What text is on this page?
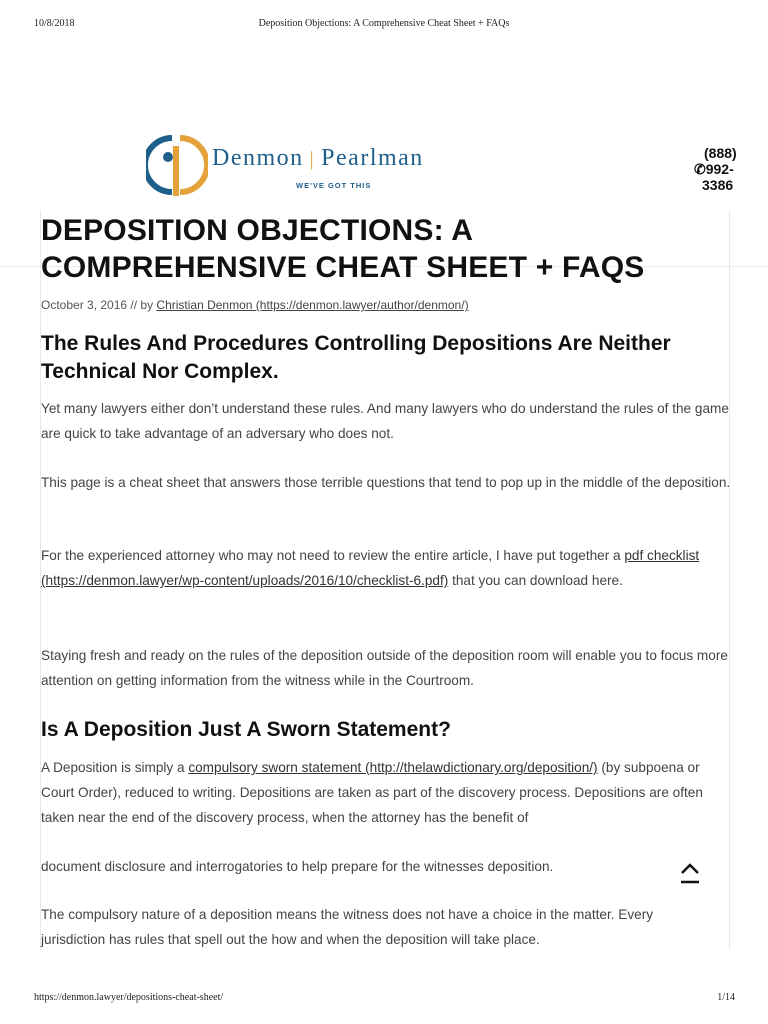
10/8/2018	Deposition Objections: A Comprehensive Cheat Sheet + FAQs
Denmon | Pearlman
WE'VE GOT THIS
(888)
✆992-
3386
DEPOSITION OBJECTIONS: A COMPREHENSIVE CHEAT SHEET + FAQS
October 3, 2016 // by Christian Denmon (https://denmon.lawyer/author/denmon/)
The Rules And Procedures Controlling Depositions Are Neither Technical Nor Complex.

Yet many lawyers either don’t understand these rules. And many lawyers who do understand the rules of the game are quick to take advantage of an adversary who does not.

This page is a cheat sheet that answers those terrible questions that tend to pop up in the middle of the deposition.

For the experienced attorney who may not need to review the entire article, I have put together a pdf checklist (https://denmon.lawyer/wp-content/uploads/2016/10/checklist-6.pdf) that you can download here.

Staying fresh and ready on the rules of the deposition outside of the deposition room will enable you to focus more attention on getting information from the witness while in the Courtroom.

Is A Deposition Just A Sworn Statement?

A Deposition is simply a compulsory sworn statement (http://thelawdictionary.org/deposition/) (by subpoena or Court Order), reduced to writing. Depositions are taken as part of the discovery process. Depositions are often taken near the end of the discovery process, when the attorney has the benefit of

document disclosure and interrogatories to help prepare for the witnesses deposition.

The compulsory nature of a deposition means the witness does not have a choice in the matter. Every jurisdiction has rules that spell out the how and when the deposition will take place.

https://denmon.lawyer/depositions-cheat-sheet/	1/14
